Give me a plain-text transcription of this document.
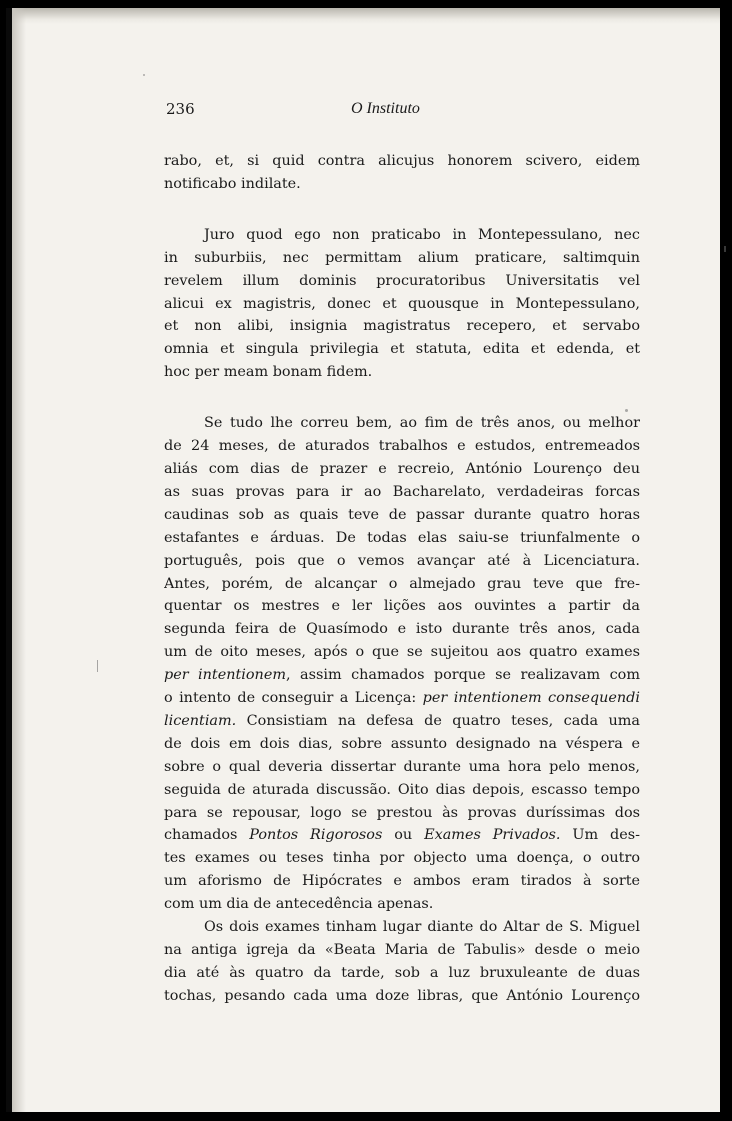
236	O Instituto

rabo, et, si quid contra alicujus honorem scivero, eidem
notificabo indilate.

Juro quod ego non praticabo in Montepessulano, nec
in suburbiis, nec permittam alium praticare, saltimquin
revelem illum dominis procuratoribus Universitatis vel
alicui ex magistris, donec et quousque in Montepessulano,
et non alibi, insignia magistratus recepero, et servabo
omnia et singula privilegia et statuta, edita et edenda, et
hoc per meam bonam fidem.

Se tudo lhe correu bem, ao fim de três anos, ou melhor
de 24 meses, de aturados trabalhos e estudos, entremeados
aliás com dias de prazer e recreio, António Lourenço deu
as suas provas para ir ao Bacharelato, verdadeiras forcas
caudinas sob as quais teve de passar durante quatro horas
estafantes e árduas. De todas elas saiu-se triunfalmente o
português, pois que o vemos avançar até à Licenciatura.
Antes, porém, de alcançar o almejado grau teve que fre-
quentar os mestres e ler lições aos ouvintes a partir da
segunda feira de Quasímodo e isto durante três anos, cada
um de oito meses, após o que se sujeitou aos quatro exames
per intentionem, assim chamados porque se realizavam com
o intento de conseguir a Licença: per intentionem consequendi
licentiam. Consistiam na defesa de quatro teses, cada uma
de dois em dois dias, sobre assunto designado na véspera e
sobre o qual deveria dissertar durante uma hora pelo menos,
seguida de aturada discussão. Oito dias depois, escasso tempo
para se repousar, logo se prestou às provas duríssimas dos
chamados Pontos Rigorosos ou Exames Privados. Um des-
tes exames ou teses tinha por objecto uma doença, o outro
um aforismo de Hipócrates e ambos eram tirados à sorte
com um dia de antecedência apenas.

Os dois exames tinham lugar diante do Altar de S. Miguel
na antiga igreja da «Beata Maria de Tabulis» desde o meio
dia até às quatro da tarde, sob a luz bruxuleante de duas
tochas, pesando cada uma doze libras, que António Lourenço
